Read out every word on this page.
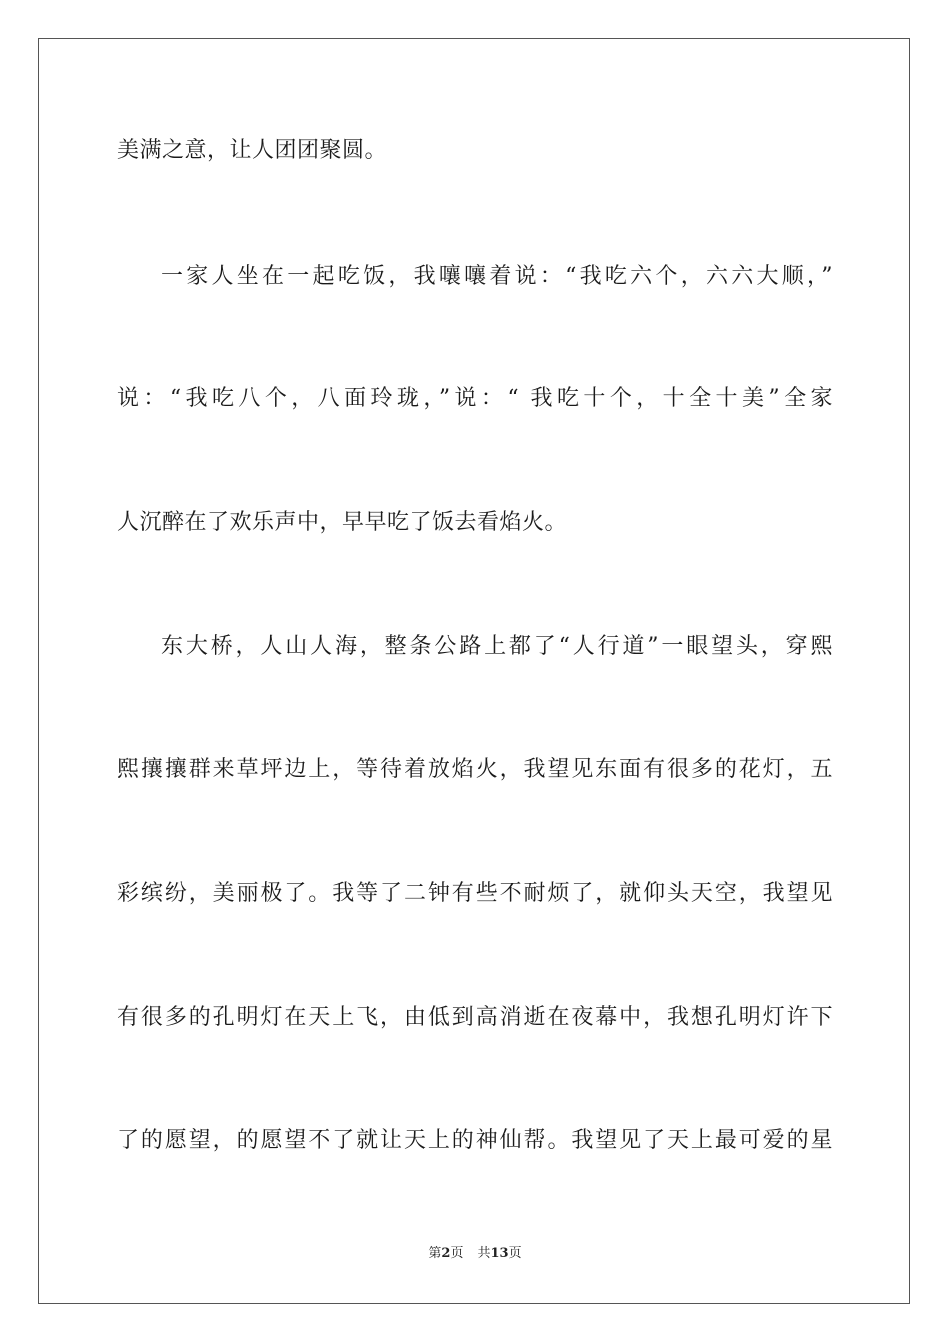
美满之意，让人团团聚圆。
一家人坐在一起吃饭，我嚷嚷着说：“我吃六个，六六大顺，”
说：“我吃八个，八面玲珑，”说：“ 我吃十个，十全十美”全家
人沉醉在了欢乐声中，早早吃了饭去看焰火。
东大桥，人山人海，整条公路上都了“人行道”一眼望头，穿熙
熙攘攘群来草坪边上，等待着放焰火，我望见东面有很多的花灯，五
彩缤纷，美丽极了。我等了二钟有些不耐烦了，就仰头天空，我望见
有很多的孔明灯在天上飞，由低到高消逝在夜幕中，我想孔明灯许下
了的愿望，的愿望不了就让天上的神仙帮。我望见了天上最可爱的星
第2页 共13页
